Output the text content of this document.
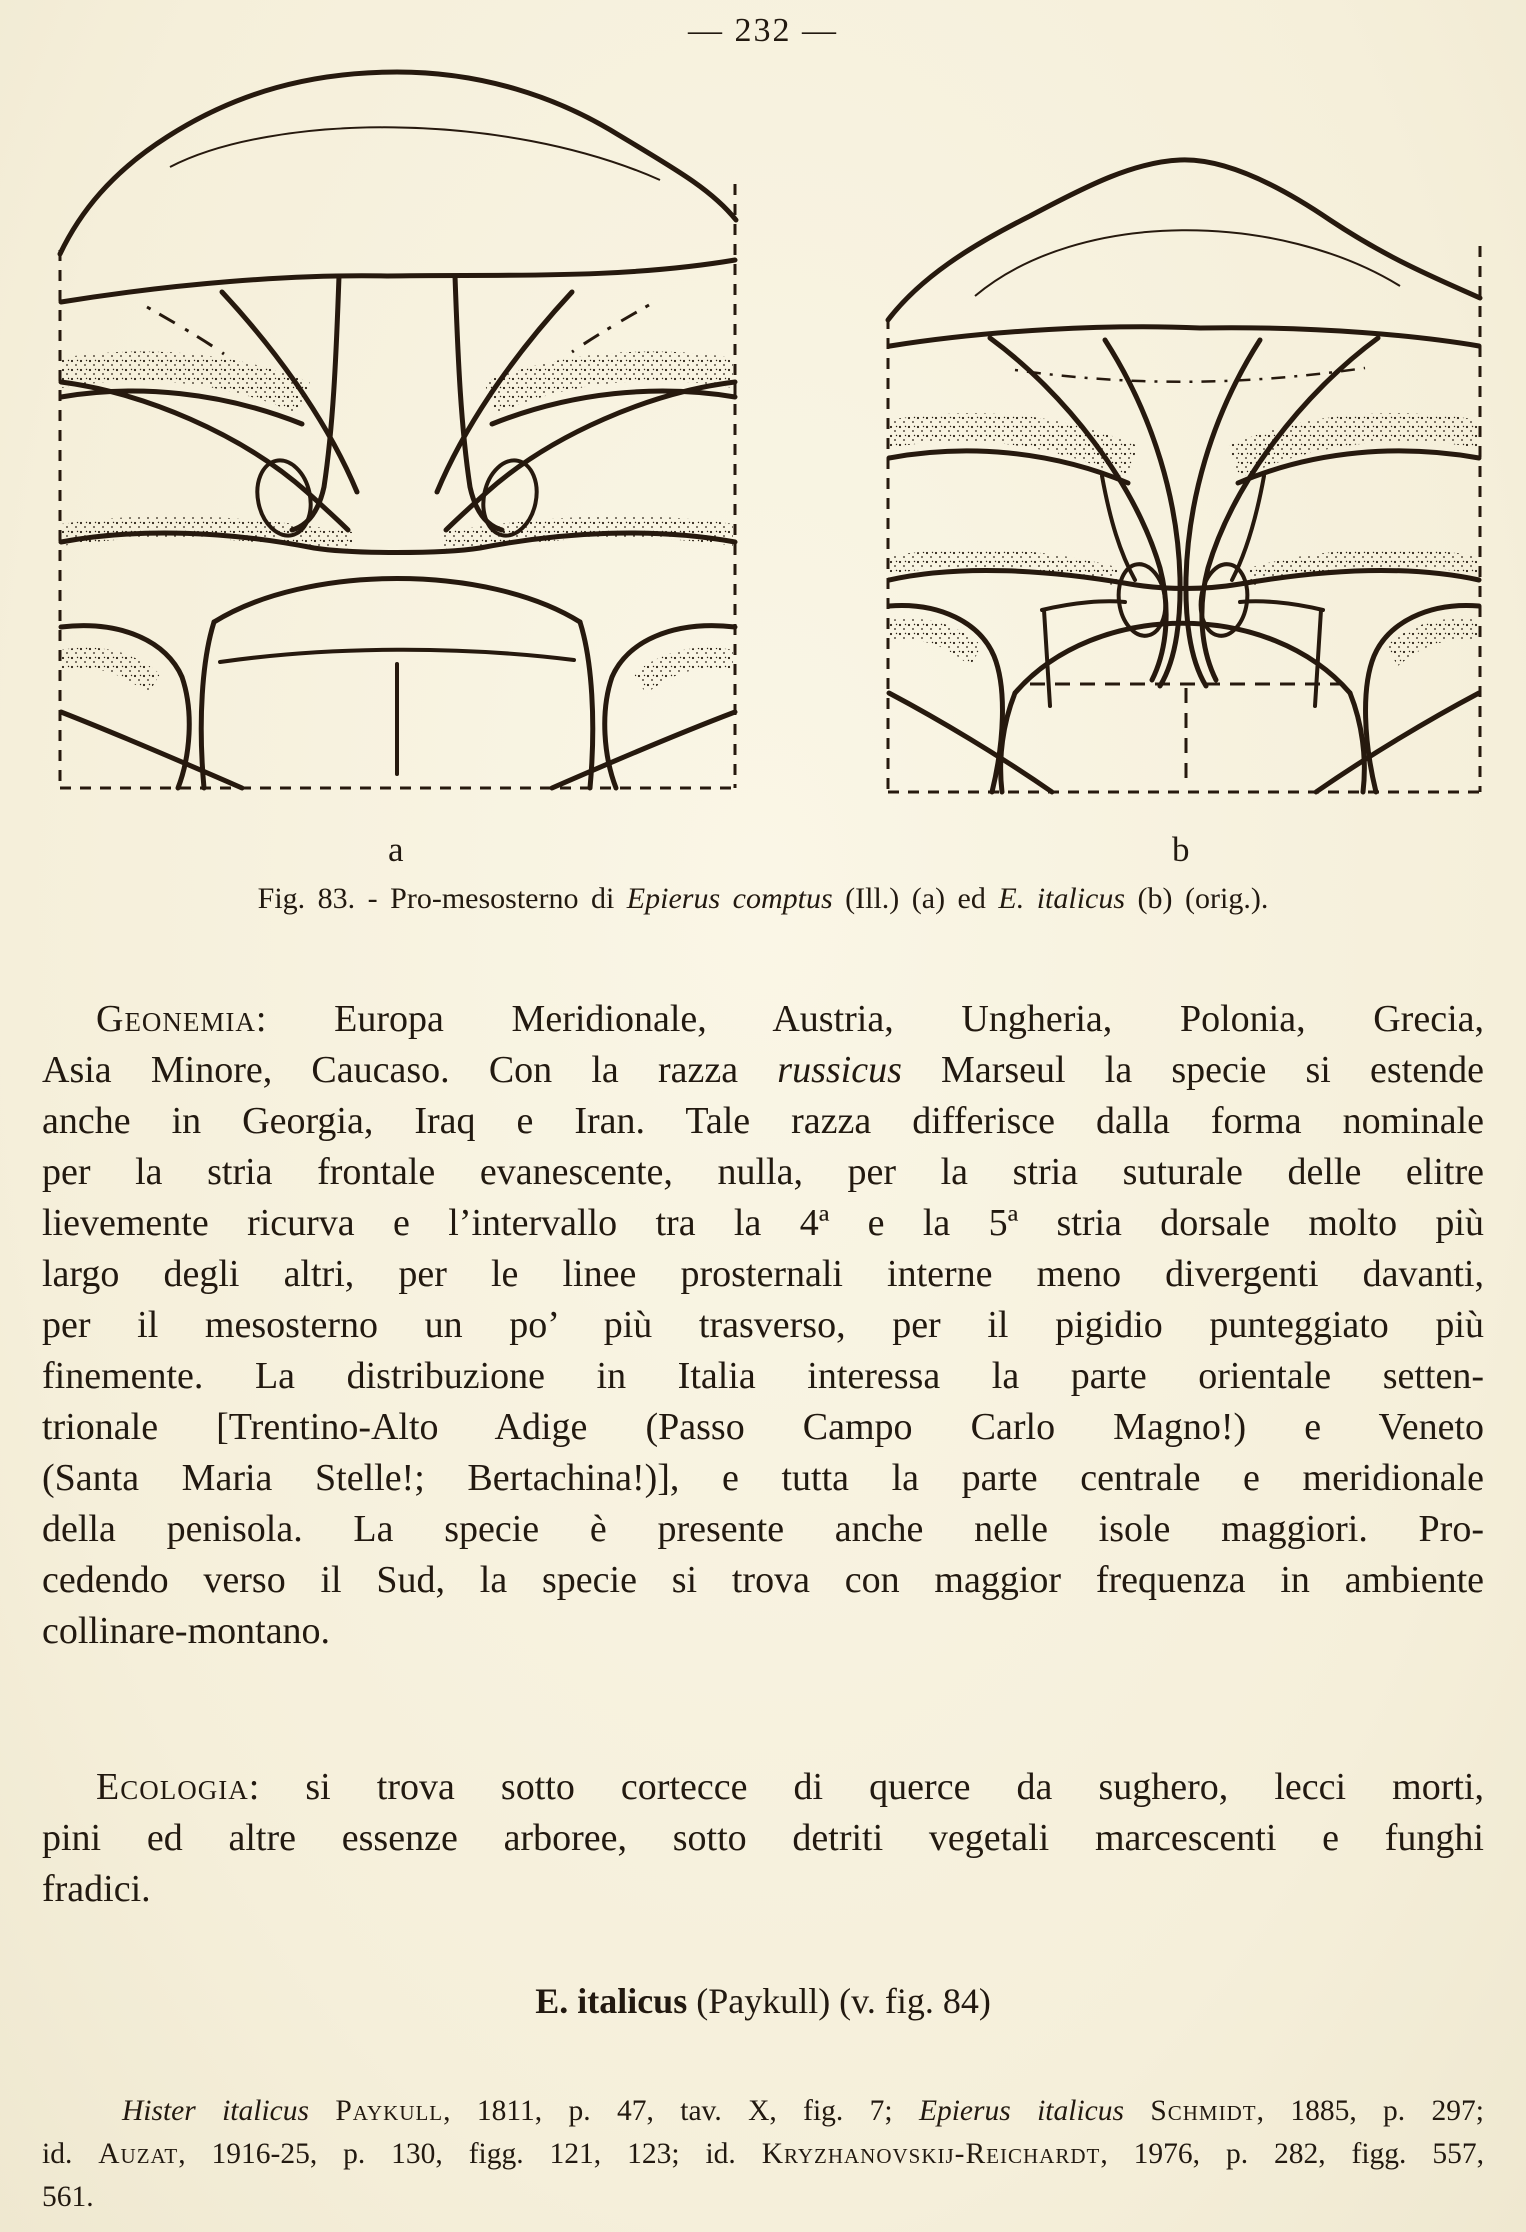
— 232 —
a	b
Fig. 83. - Pro-mesosterno di Epierus comptus (Ill.) (a) ed E. italicus (b) (orig.).
Geonemia: Europa Meridionale, Austria, Ungheria, Polonia, Grecia,
Asia Minore, Caucaso. Con la razza russicus Marseul la specie si estende
anche in Georgia, Iraq e Iran. Tale razza differisce dalla forma nominale
per la stria frontale evanescente, nulla, per la stria suturale delle elitre
lievemente ricurva e l’intervallo tra la 4ª e la 5ª stria dorsale molto più
largo degli altri, per le linee prosternali interne meno divergenti davanti,
per il mesosterno un po’ più trasverso, per il pigidio punteggiato più
finemente. La distribuzione in Italia interessa la parte orientale setten-
trionale [Trentino-Alto Adige (Passo Campo Carlo Magno!) e Veneto
(Santa Maria Stelle!; Bertachina!)], e tutta la parte centrale e meridionale
della penisola. La specie è presente anche nelle isole maggiori. Pro-
cedendo verso il Sud, la specie si trova con maggior frequenza in ambiente
collinare-montano.
Ecologia: si trova sotto cortecce di querce da sughero, lecci morti,
pini ed altre essenze arboree, sotto detriti vegetali marcescenti e funghi
fradici.
E. italicus (Paykull) (v. fig. 84)
Hister italicus Paykull, 1811, p. 47, tav. X, fig. 7; Epierus italicus Schmidt, 1885, p. 297;
id. Auzat, 1916-25, p. 130, figg. 121, 123; id. Kryzhanovskij-Reichardt, 1976, p. 282, figg. 557,
561.
